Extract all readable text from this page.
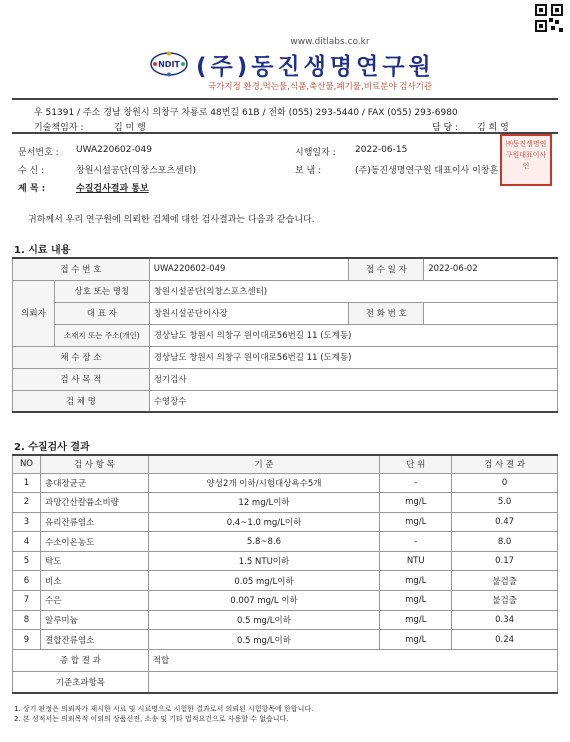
www.ditlabs.co.kr
NDIT (주)동진생명연구원
국가지정 환경,먹는물,식품,축산물,폐기물,비료분야 검사기관
우 51391 / 주소 경남 창원시 의창구 차룡로 48번길 61B / 전화 (055) 293-5440 / FAX (055) 293-6980
기술책임자 :	김 미 행	담 당 : 김 희 영
문서번호 : UWA220602-049
수 신 :	창원시설공단(의창스포츠센터)
제 목 :	수질검사결과 통보
시행일자 : 2022-06-15
보 냄 :	(주)동진생명연구원 대표이사 이창훈
㈜동진생명연구원대표이사인
귀하께서 우리 연구원에 의뢰한 검체에 대한 검사결과는 다음과 같습니다.
1. 시료 내용
접 수 번 호		UWA220602-049	접 수 일 자	2022-06-02
의뢰자	상호 또는 명칭	창원시설공단(의창스포츠센터)		
	대 표 자	창원시설공단이사장	전 화 번 호	
	소재지 또는 주소(개인)	경상남도 창원시 의창구 원이대로56번길 11 (도계동)		
채 수 장 소		경상남도 창원시 의창구 원이대로56번길 11 (도계동)		
검 사 목 적		정기검사		
검 체 명		수영장수		
2. 수질검사 결과
NO	검 사 항 목	기 준	단 위	검 사 결 과
1	총대장균군	양성2개 이하/시험대상욕수5개	-	0
2	과망간산칼륨소비량	12 mg/L이하	mg/L	5.0
3	유리잔류염소	0.4~1.0 mg/L이하	mg/L	0.47
4	수소이온농도	5.8~8.6	-	8.0
5	탁도	1.5 NTU이하	NTU	0.17
6	비소	0.05 mg/L이하	mg/L	불검출
7	수은	0.007 mg/L 이하	mg/L	불검출
8	알루미늄	0.5 mg/L이하	mg/L	0.34
9	결합잔류염소	0.5 mg/L이하	mg/L	0.24
종 합 결 과		적합		
기준초과항목				
1. 상기 판정은 의뢰자가 제시한 시료 및 시료명으로 시험한 결과로서 의뢰된 시험항목에 한합니다.
2. 본 성적서는 의뢰목적 이외의 상품선전, 소송 및 기타 법적요건으로 사용할 수 없습니다.
